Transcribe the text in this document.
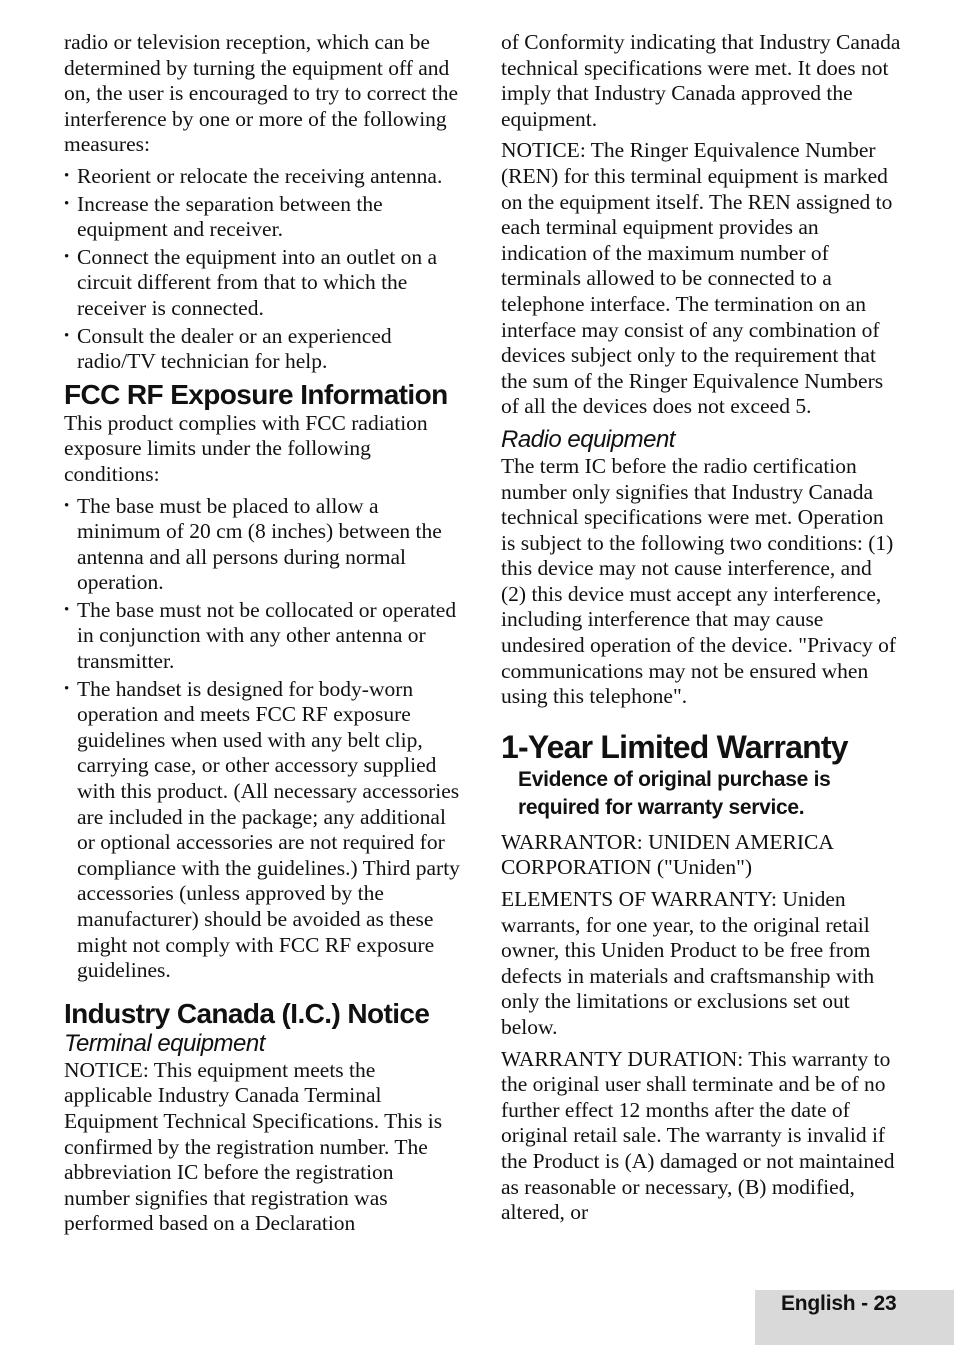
radio or television reception, which can be determined by turning the equipment off and on, the user is encouraged to try to correct the interference by one or more of the following measures:

• Reorient or relocate the receiving antenna.
• Increase the separation between the equipment and receiver.
• Connect the equipment into an outlet on a circuit different from that to which the receiver is connected.
• Consult the dealer or an experienced radio/TV technician for help.
FCC RF Exposure Information

This product complies with FCC radiation exposure limits under the following conditions:

• The base must be placed to allow a minimum of 20 cm (8 inches) between the antenna and all persons during normal operation.
• The base must not be collocated or operated in conjunction with any other antenna or transmitter.
• The handset is designed for body-worn operation and meets FCC RF exposure guidelines when used with any belt clip, carrying case, or other accessory supplied with this product. (All necessary accessories are included in the package; any additional or optional accessories are not required for compliance with the guidelines.) Third party accessories (unless approved by the manufacturer) should be avoided as these might not comply with FCC RF exposure guidelines.
Industry Canada (I.C.) Notice
Terminal equipment

NOTICE: This equipment meets the applicable Industry Canada Terminal Equipment Technical Specifications. This is confirmed by the registration number. The abbreviation IC before the registration number signifies that registration was performed based on a Declaration

of Conformity indicating that Industry Canada technical specifications were met. It does not imply that Industry Canada approved the equipment.

NOTICE: The Ringer Equivalence Number (REN) for this terminal equipment is marked on the equipment itself. The REN assigned to each terminal equipment provides an indication of the maximum number of terminals allowed to be connected to a telephone interface. The termination on an interface may consist of any combination of devices subject only to the requirement that the sum of the Ringer Equivalence Numbers of all the devices does not exceed 5.

Radio equipment

The term IC before the radio certification number only signifies that Industry Canada technical specifications were met. Operation is subject to the following two conditions: (1) this device may not cause interference, and (2) this device must accept any interference, including interference that may cause undesired operation of the device. "Privacy of communications may not be ensured when using this telephone".

1-Year Limited Warranty
Evidence of original purchase is required for warranty service.

WARRANTOR: UNIDEN AMERICA CORPORATION ("Uniden")

ELEMENTS OF WARRANTY: Uniden warrants, for one year, to the original retail owner, this Uniden Product to be free from defects in materials and craftsmanship with only the limitations or exclusions set out below.

WARRANTY DURATION: This warranty to the original user shall terminate and be of no further effect 12 months after the date of original retail sale. The warranty is invalid if the Product is (A) damaged or not maintained as reasonable or necessary, (B) modified, altered, or

English - 23
